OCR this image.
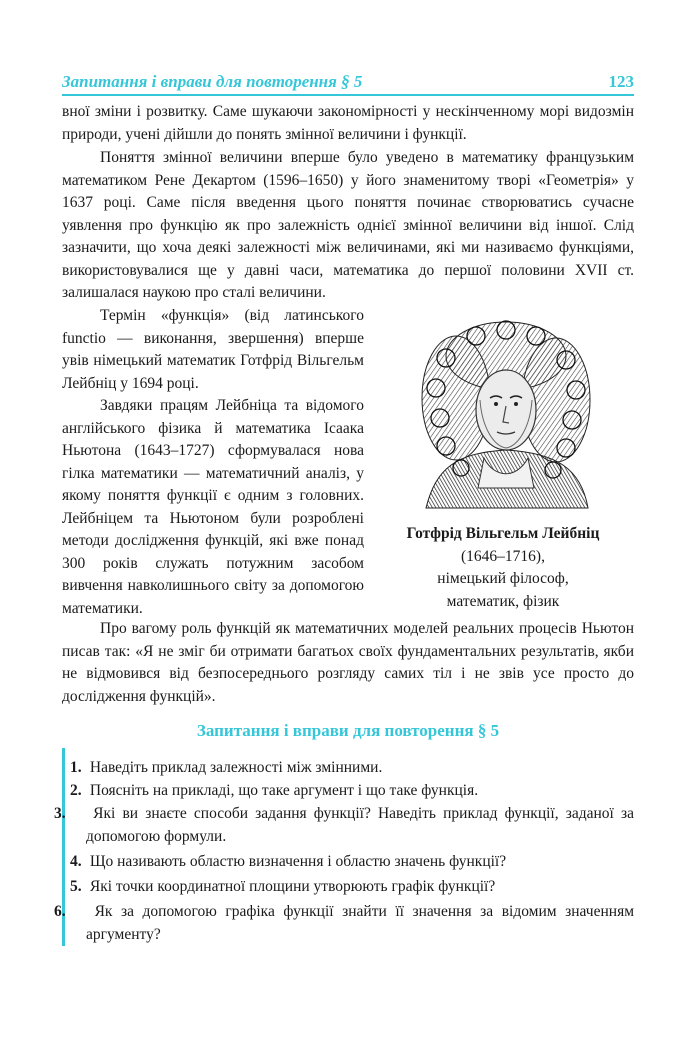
Запитання і вправи для повторення § 5	123

вної зміни і розвитку. Саме шукаючи закономірності у нескінченному морі видозмін природи, учені дійшли до понять змінної величини і функції.

Поняття змінної величини вперше було уведено в математику французьким математиком Рене Декартом (1596–1650) у його знаменитому творі «Геометрія» у 1637 році. Саме після введення цього поняття починає створюватись сучасне уявлення про функцію як про залежність однієї змінної величини від іншої. Слід зазначити, що хоча деякі залежності між величинами, які ми називаємо функціями, використовувалися ще у давні часи, математика до першої половини XVII ст. залишалася наукою про сталі величини.

Термін «функція» (від латинського functio — виконання, звершення) вперше увів німецький математик Готфрід Вільгельм Лейбніц у 1694 році.

Завдяки працям Лейбніца та відомого англійського фізика й математика Ісаака Ньютона (1643–1727) сформувалася нова гілка математики — математичний аналіз, у якому поняття функції є одним з головних. Лейбніцем та Ньютоном були розроблені методи дослідження функцій, які вже понад 300 років служать потужним засобом вивчення навколишнього світу за допомогою математики.

Готфрід Вільгельм Лейбніц
(1646–1716),
німецький філософ,
математик, фізик

Про вагому роль функцій як математичних моделей реальних процесів Ньютон писав так: «Я не зміг би отримати багатьох своїх фундаментальних результатів, якби не відмовився від безпосереднього розгляду самих тіл і не звів усе просто до дослідження функцій».

Запитання і вправи для повторення § 5
1. Наведіть приклад залежності між змінними.
2. Поясніть на прикладі, що таке аргумент і що таке функція.
3. Які ви знаєте способи задання функції? Наведіть приклад функції, заданої за допомогою формули.
4. Що називають областю визначення і областю значень функції?
5. Які точки координатної площини утворюють графік функції?
6. Як за допомогою графіка функції знайти її значення за відомим значенням аргументу?
